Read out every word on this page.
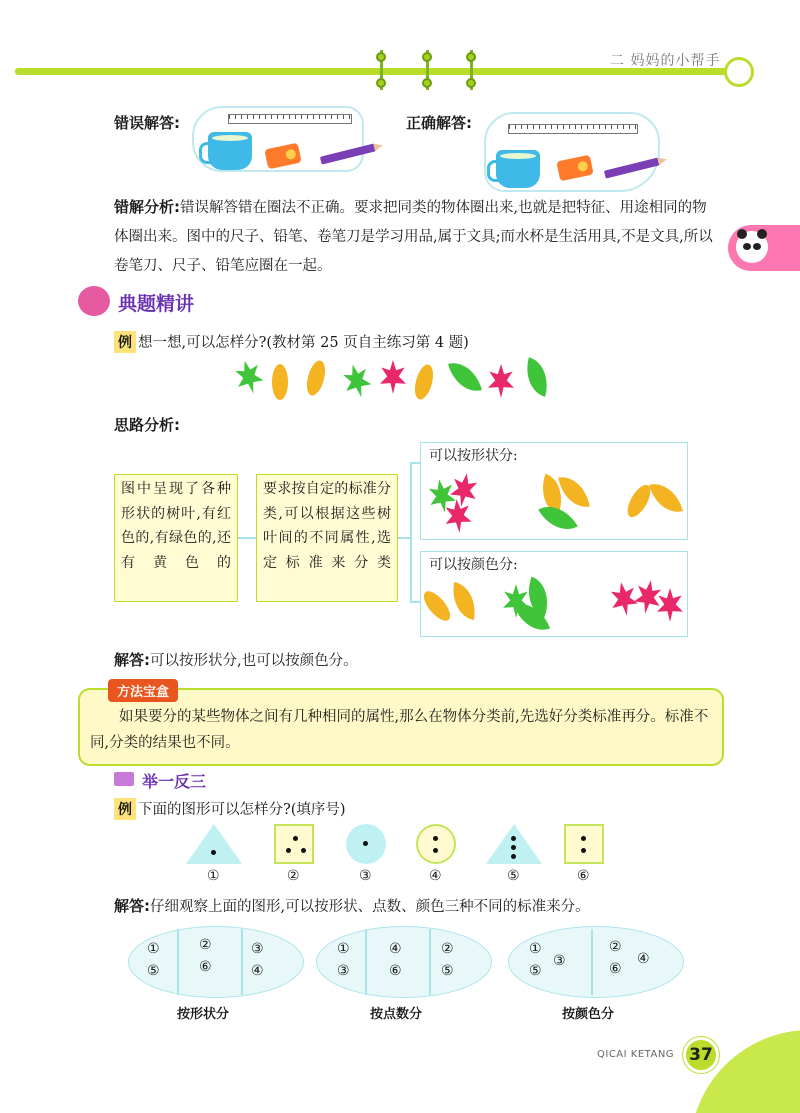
二 妈妈的小帮手
错误解答:	正确解答:
错解分析:错误解答错在圈法不正确。要求把同类的物体圈出来,也就是把特征、用途相同的物体圈出来。图中的尺子、铅笔、卷笔刀是学习用品,属于文具;而水杯是生活用具,不是文具,所以卷笔刀、尺子、铅笔应圈在一起。
典题精讲
例 想一想,可以怎样分?(教材第 25 页自主练习第 4 题)
思路分析:
图中呈现了各种形状的树叶,有红色的,有绿色的,还有黄色的
要求按自定的标准分类,可以根据这些树叶间的不同属性,选定标准来分类
可以按形状分:
可以按颜色分:
解答:可以按形状分,也可以按颜色分。
如果要分的某些物体之间有几种相同的属性,那么在物体分类前,先选好分类标准再分。标准不同,分类的结果也不同。
方法宝盒
举一反三
例 下面的图形可以怎样分?(填序号)
①	②	③	④	⑤	⑥
解答:仔细观察上面的图形,可以按形状、点数、颜色三种不同的标准来分。
①
⑤
②
⑥
③
④
①
③
④
⑥
②
⑤
①
⑤
③
②
⑥
④
按形状分	按点数分	按颜色分
QICAI KETANG 37
